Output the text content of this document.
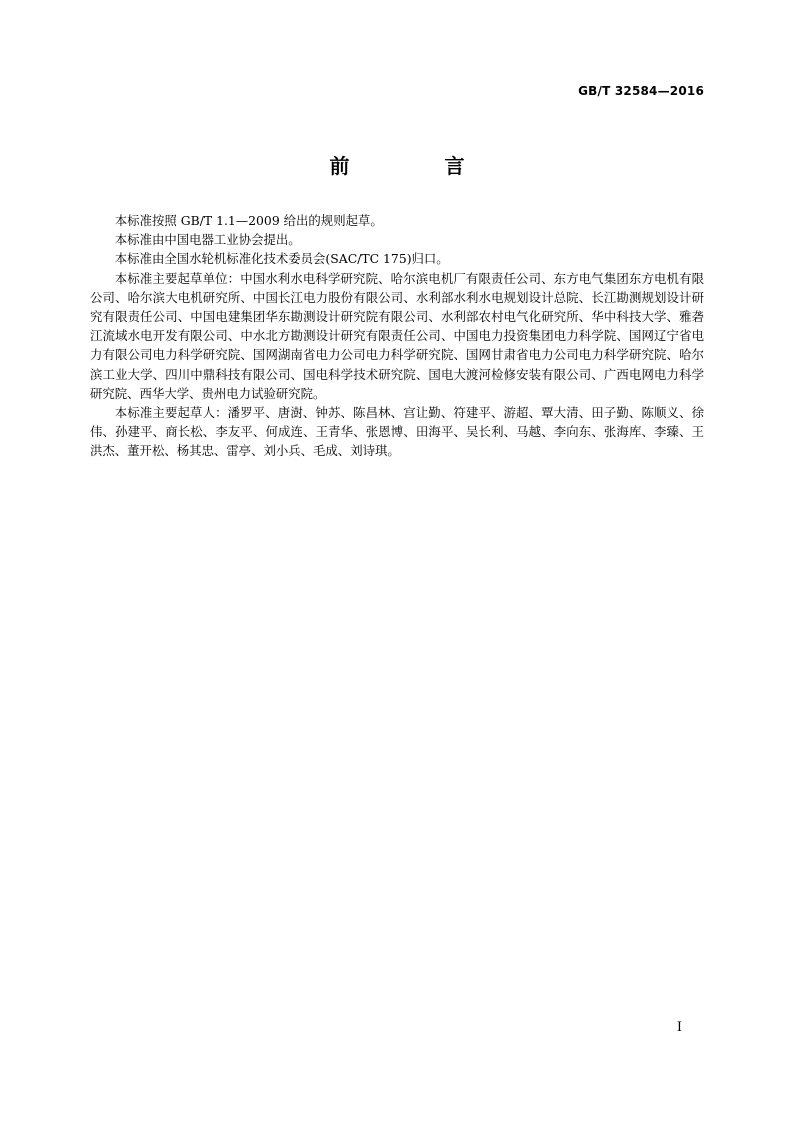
GB/T 32584—2016
前 言

本标准按照 GB/T 1.1—2009 给出的规则起草。

本标准由中国电器工业协会提出。

本标准由全国水轮机标准化技术委员会(SAC/TC 175)归口。

本标准主要起草单位：中国水利水电科学研究院、哈尔滨电机厂有限责任公司、东方电气集团东方电机有限公司、哈尔滨大电机研究所、中国长江电力股份有限公司、水利部水利水电规划设计总院、长江勘测规划设计研究有限责任公司、中国电建集团华东勘测设计研究院有限公司、水利部农村电气化研究所、华中科技大学、雅砻江流域水电开发有限公司、中水北方勘测设计研究有限责任公司、中国电力投资集团电力科学院、国网辽宁省电力有限公司电力科学研究院、国网湖南省电力公司电力科学研究院、国网甘肃省电力公司电力科学研究院、哈尔滨工业大学、四川中鼎科技有限公司、国电科学技术研究院、国电大渡河检修安装有限公司、广西电网电力科学研究院、西华大学、贵州电力试验研究院。

本标准主要起草人：潘罗平、唐澍、钟苏、陈昌林、宫让勤、符建平、游超、覃大清、田子勤、陈顺义、徐伟、孙建平、商长松、李友平、何成连、王青华、张恩博、田海平、吴长利、马越、李向东、张海库、李臻、王洪杰、董开松、杨其忠、雷亭、刘小兵、毛成、刘诗琪。

I
